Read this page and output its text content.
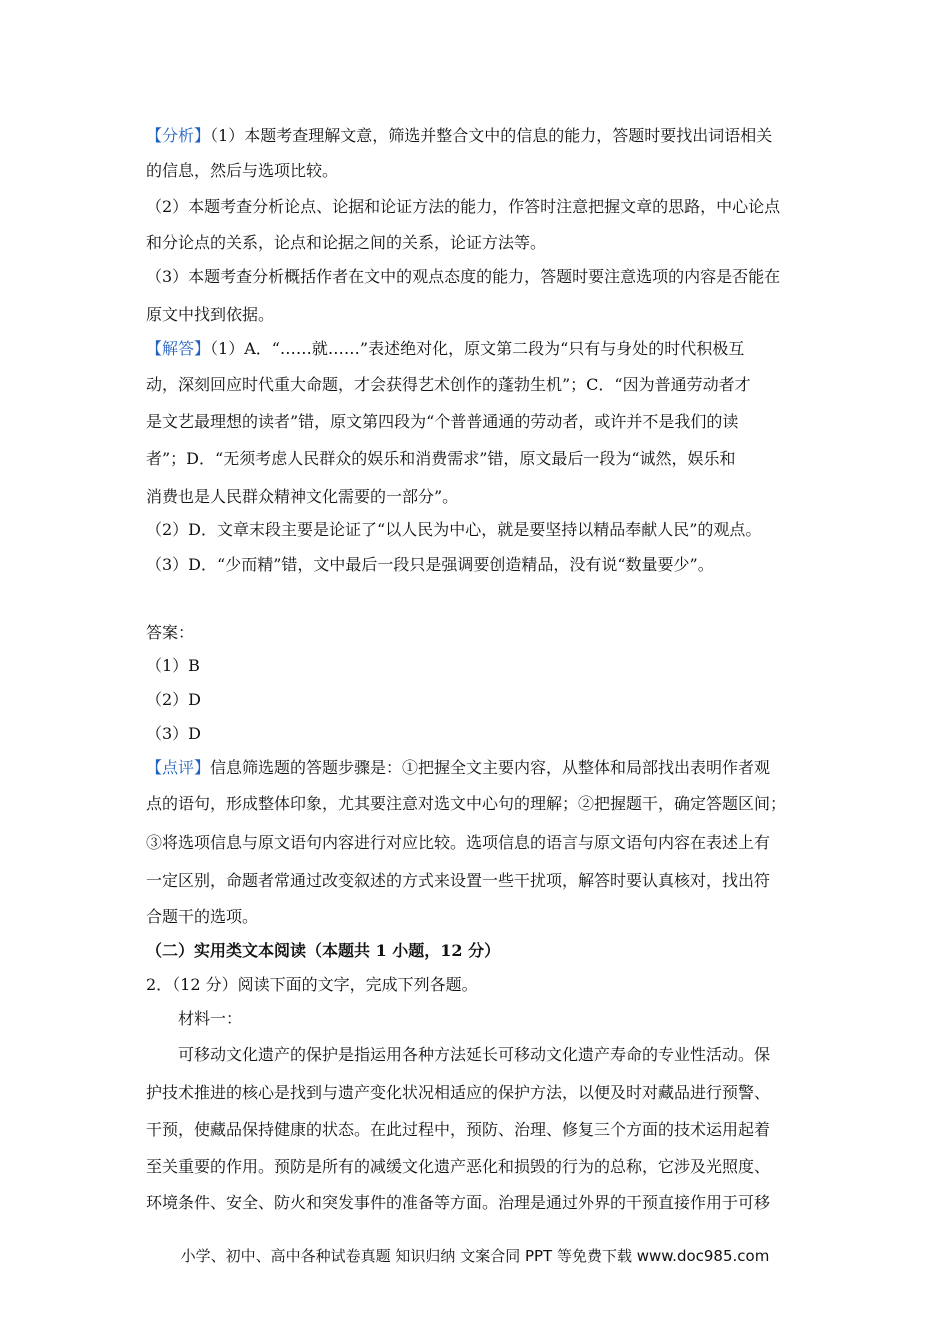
【分析】（1）本题考查理解文意，筛选并整合文中的信息的能力，答题时要找出词语相关
的信息，然后与选项比较。
（2）本题考查分析论点、论据和论证方法的能力，作答时注意把握文章的思路，中心论点
和分论点的关系，论点和论据之间的关系，论证方法等。
（3）本题考查分析概括作者在文中的观点态度的能力，答题时要注意选项的内容是否能在
原文中找到依据。
【解答】（1）A．“……就……”表述绝对化，原文第二段为“只有与身处的时代积极互
动，深刻回应时代重大命题，才会获得艺术创作的蓬勃生机”；C．“因为普通劳动者才
是文艺最理想的读者”错，原文第四段为“个普普通通的劳动者，或许并不是我们的读
者”；D．“无须考虑人民群众的娱乐和消费需求”错，原文最后一段为“诚然，娱乐和
消费也是人民群众精神文化需要的一部分”。
（2）D．文章末段主要是论证了“以人民为中心，就是要坚持以精品奉献人民”的观点。
（3）D．“少而精”错，文中最后一段只是强调要创造精品，没有说“数量要少”。
答案：
（1）B
（2）D
（3）D
【点评】信息筛选题的答题步骤是：①把握全文主要内容，从整体和局部找出表明作者观
点的语句，形成整体印象，尤其要注意对选文中心句的理解；②把握题干，确定答题区间；
③将选项信息与原文语句内容进行对应比较。选项信息的语言与原文语句内容在表述上有
一定区别，命题者常通过改变叙述的方式来设置一些干扰项，解答时要认真核对，找出符
合题干的选项。
（二）实用类文本阅读（本题共 1 小题，12 分）
2．（12 分）阅读下面的文字，完成下列各题。
材料一：
可移动文化遗产的保护是指运用各种方法延长可移动文化遗产寿命的专业性活动。保
护技术推进的核心是找到与遗产变化状况相适应的保护方法，以便及时对藏品进行预警、
干预，使藏品保持健康的状态。在此过程中，预防、治理、修复三个方面的技术运用起着
至关重要的作用。预防是所有的减缓文化遗产恶化和损毁的行为的总称，它涉及光照度、
环境条件、安全、防火和突发事件的准备等方面。治理是通过外界的干预直接作用于可移
小学、初中、高中各种试卷真题 知识归纳 文案合同 PPT 等免费下载 www.doc985.com
